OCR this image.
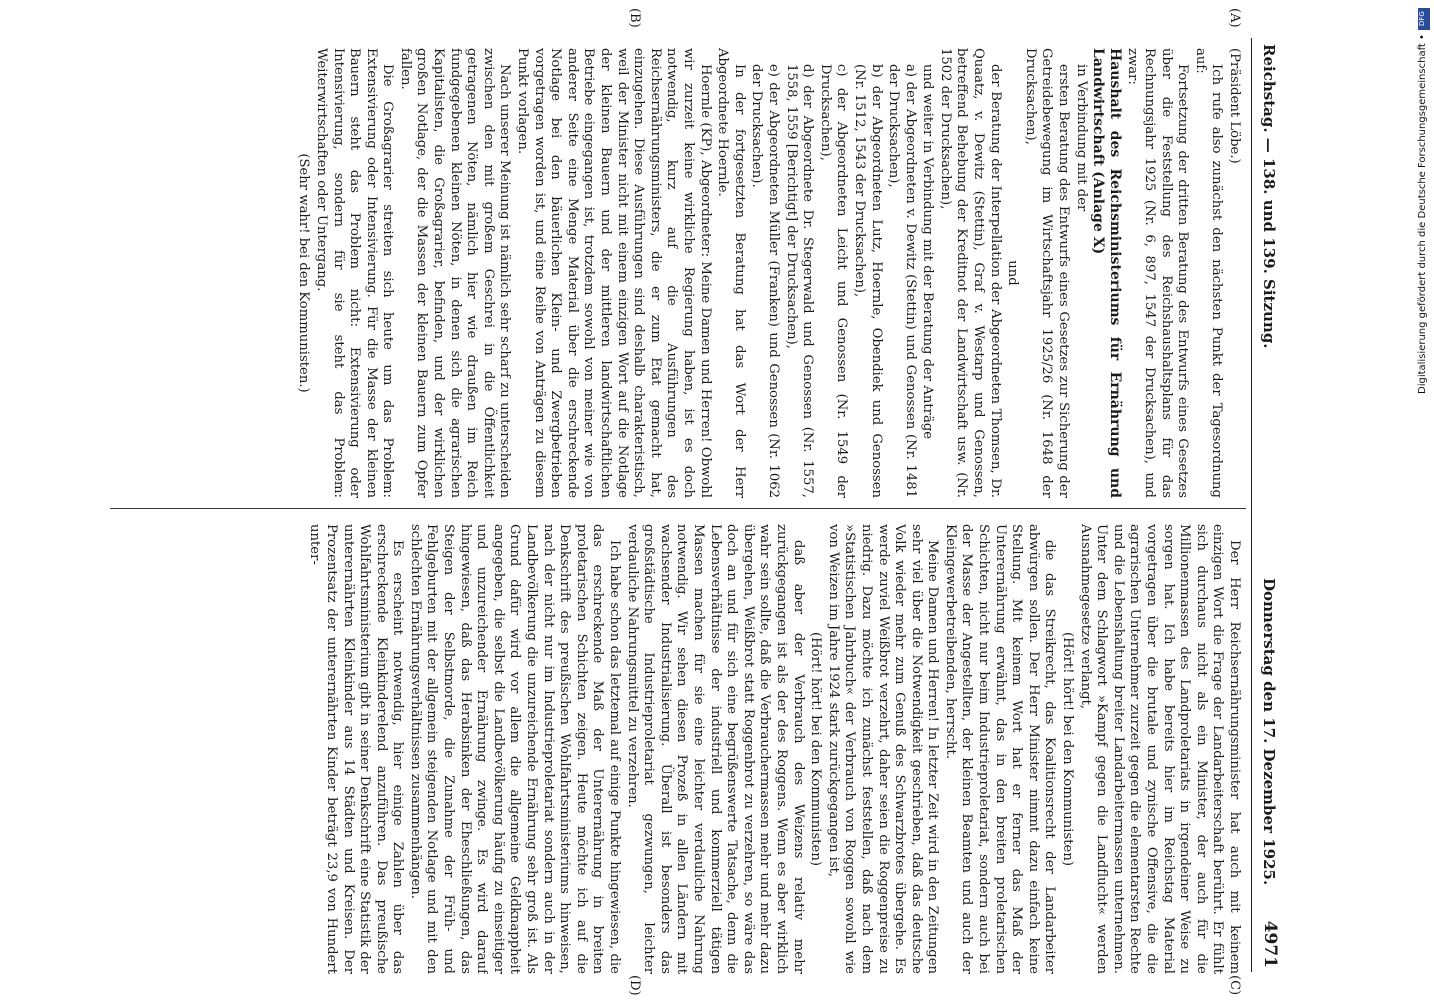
Reichstag. — 138. und 139. Sitzung.
Donnerstag den 17. Dezember 1925.
4971
(A)
(B)
(C)
(D)

(Präsident Löbe.)

Ich rufe also zunächst den nächsten Punkt der Tagesordnung auf:

Fortsetzung der dritten Beratung des Entwurfs eines Gesetzes über die Feststellung des Reichshaushaltsplans für das Rechnungsjahr 1925 (Nr. 6, 897, 1547 der Drucksachen), und zwar:

Haushalt des Reichsministeriums für Ernährung und Landwirtschaft (Anlage X)

in Verbindung mit der

ersten Beratung des Entwurfs eines Gesetzes zur Sicherung der Getreidebewegung im Wirtschaftsjahr 1925/26 (Nr. 1648 der Drucksachen),

und

der Beratung der Interpellation der Abgeordneten Thomsen, Dr. Quaatz, v. Dewitz (Stettin), Graf v. Westarp und Genossen, betreffend Behebung der Kreditnot der Landwirtschaft usw. (Nr. 1502 der Drucksachen),

und weiter in Verbindung mit der Beratung der Anträge

a) der Abgeordneten v. Dewitz (Stettin) und Genossen (Nr. 1481 der Drucksachen),

b) der Abgeordneten Lutz, Hoernle, Obendiek und Genossen (Nr. 1512, 1543 der Drucksachen),

c) der Abgeordneten Leicht und Genossen (Nr. 1549 der Drucksachen),

d) der Abgeordnete Dr. Stegerwald und Genossen (Nr. 1557, 1558, 1559 [Berichtigt] der Drucksachen),

e) der Abgeordneten Müller (Franken) und Genossen (Nr. 1062 der Drucksachen).

In der fortgesetzten Beratung hat das Wort der Herr Abgeordnete Hoernle.

Hoernle (KP), Abgeordneter: Meine Damen und Herren! Obwohl wir zurzeit keine wirkliche Regierung haben, ist es doch notwendig, kurz auf die Ausführungen des Reichsernährungsministers, die er zum Etat gemacht hat, einzugehen. Diese Ausführungen sind deshalb charakteristisch, weil der Minister nicht mit einem einzigen Wort auf die Notlage der kleinen Bauern und der mittleren landwirtschaftlichen Betriebe eingegangen ist, trotzdem sowohl von meiner wie von anderer Seite eine Menge Material über die erschreckende Notlage bei den bäuerlichen Klein- und Zwergbetrieben vorgetragen worden ist, und eine Reihe von Anträgen zu diesem Punkt vorlagen.

Nach unserer Meinung ist nämlich sehr scharf zu unterscheiden zwischen den mit großem Geschrei in die Öffentlichkeit getragenen Nöten, nämlich hier wie draußen im Reich fundgegebenen kleinen Nöten, in denen sich die agrarischen Kapitalisten, die Großagrarier, befinden, und der wirklichen großen Notlage, der die Massen der kleinen Bauern zum Opfer fallen.

Die Großagrarier streiten sich heute um das Problem: Extensivierung oder Intensivierung. Für die Masse der kleinen Bauern steht das Problem nicht: Extensivierung oder Intensivierung, sondern für sie steht das Problem: Weiterwirtschaften oder Untergang.

(Sehr wahr! bei den Kommunisten.)

Der Herr Reichsernährungsminister hat auch mit keinem einzigen Wort die Frage der Landarbeiterschaft berührt. Er fühlt sich durchaus nicht als ein Minister, der auch für die Millionenmassen des Landproletariats in irgendeiner Weise zu sorgen hat. Ich habe bereits hier im Reichstag Material vorgetragen über die brutale und zynische Offensive, die die agrarischen Unternehmer zurzeit gegen die elementarsten Rechte und die Lebenshaltung breiter Landarbeitermassen unternehmen. Unter dem Schlagwort »Kampf gegen die Landflucht« werden Ausnahmegesetze verlangt,

(Hört! hört! bei den Kommunisten)

die das Streikrecht, das Koalitionsrecht der Landarbeiter abwürgen sollen. Der Herr Minister nimmt dazu einfach keine Stellung. Mit keinem Wort hat er ferner das Maß der Unterernährung erwähnt, das in den breiten proletarischen Schichten, nicht nur beim Industrieproletariat, sondern auch bei der Masse der Angestellten, der kleinen Beamten und auch der Kleingewerbetreibenden, herrscht.

Meine Damen und Herren! In letzter Zeit wird in den Zeitungen sehr viel über die Notwendigkeit geschrieben, daß das deutsche Volk wieder mehr zum Genuß des Schwarzbrotes übergehe. Es werde zuviel Weißbrot verzehrt, daher seien die Roggenpreise zu niedrig. Dazu möchte ich zunächst feststellen, daß nach dem »Statistischen Jahrbuch« der Verbrauch von Roggen sowohl wie von Weizen im Jahre 1924 stark zurückgegangen ist,

(Hört! hört! bei den Kommunisten)

daß aber der Verbrauch des Weizens relativ mehr zurückgegangen ist als der des Roggens. Wenn es aber wirklich wahr sein sollte, daß die Verbrauchermassen mehr und mehr dazu übergehen, Weißbrot statt Roggenbrot zu verzehren, so wäre das doch an und für sich eine begrüßenswerte Tatsache, denn die Lebensverhältnisse der industriell und kommerziell tätigen Massen machen für sie eine leichter verdauliche Nahrung notwendig. Wir sehen diesen Prozeß in allen Ländern mit wachsender Industrialisierung. Überall ist besonders das großstädtische Industrieproletariat gezwungen, leichter verdauliche Nahrungsmittel zu verzehren.

Ich habe schon das letztemal auf einige Punkte hingewiesen, die das erschreckende Maß der Unterernährung in breiten proletarischen Schichten zeigen. Heute möchte ich auf die Denkschrift des preußischen Wohlfahrtsministeriums hinweisen, nach der nicht nur im Industrieproletariat sondern auch in der Landbevölkerung die unzureichende Ernährung sehr groß ist. Als Grund dafür wird vor allem die allgemeine Geldknappheit angegeben, die selbst die Landbevölkerung häufig zu einseitiger und unzureichender Ernährung zwinge. Es wird darauf hingewiesen, daß das Herabsinken der Eheschließungen, das Steigen der Selbstmorde, die Zunahme der Früh- und Fehlgeburten mit der allgemein steigenden Notlage und mit den schlechten Ernährungsverhältnissen zusammenhängen.

Es erscheint notwendig, hier einige Zahlen über das erschreckende Kleinkinderelend anzuführen. Das preußische Wohlfahrtsministerium gibt in seiner Denkschrift eine Statistik der unterernährten Kleinkinder aus 14 Städten und Kreisen. Der Prozentsatz der unterernährten Kinder beträgt 23,9 von Hundert unter-

DFG
Digitalisierung gefördert durch die Deutsche Forschungsgemeinschaft •
